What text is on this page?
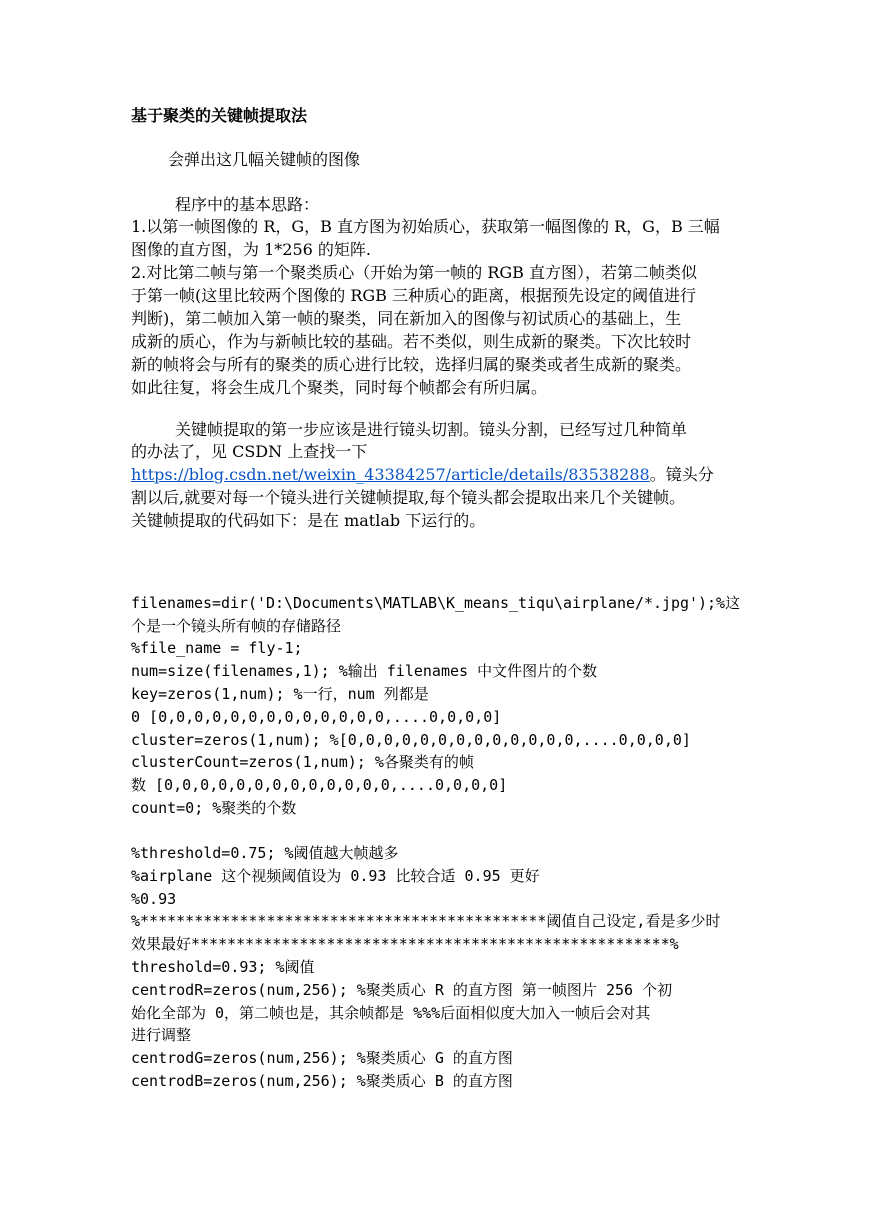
基于聚类的关键帧提取法
会弹出这几幅关键帧的图像
程序中的基本思路：
1.以第一帧图像的 R，G，B 直方图为初始质心，获取第一幅图像的 R，G，B 三幅
图像的直方图，为 1*256 的矩阵.
2.对比第二帧与第一个聚类质心（开始为第一帧的 RGB 直方图），若第二帧类似
于第一帧(这里比较两个图像的 RGB 三种质心的距离，根据预先设定的阈值进行
判断)，第二帧加入第一帧的聚类，同在新加入的图像与初试质心的基础上，生
成新的质心，作为与新帧比较的基础。若不类似，则生成新的聚类。下次比较时
新的帧将会与所有的聚类的质心进行比较，选择归属的聚类或者生成新的聚类。
如此往复，将会生成几个聚类，同时每个帧都会有所归属。
关键帧提取的第一步应该是进行镜头切割。镜头分割，已经写过几种简单
的办法了，见 CSDN 上查找一下
https://blog.csdn.net/weixin_43384257/article/details/83538288。镜头分
割以后,就要对每一个镜头进行关键帧提取,每个镜头都会提取出来几个关键帧。
关键帧提取的代码如下：是在 matlab 下运行的。
filenames=dir('D:\Documents\MATLAB\K_means_tiqu\airplane/*.jpg');%这
个是一个镜头所有帧的存储路径
%file_name = fly-1;
num=size(filenames,1); %输出 filenames 中文件图片的个数
key=zeros(1,num); %一行，num 列都是
0 [0,0,0,0,0,0,0,0,0,0,0,0,0,....0,0,0,0]
cluster=zeros(1,num); %[0,0,0,0,0,0,0,0,0,0,0,0,0,....0,0,0,0]
clusterCount=zeros(1,num); %各聚类有的帧
数 [0,0,0,0,0,0,0,0,0,0,0,0,0,....0,0,0,0]
count=0; %聚类的个数
%threshold=0.75; %阈值越大帧越多
%airplane 这个视频阈值设为 0.93 比较合适 0.95 更好
%0.93
%*********************************************阈值自己设定,看是多少时
效果最好*****************************************************%
threshold=0.93; %阈值
centrodR=zeros(num,256); %聚类质心 R 的直方图 第一帧图片 256 个初
始化全部为 0，第二帧也是，其余帧都是 %%%后面相似度大加入一帧后会对其
进行调整
centrodG=zeros(num,256); %聚类质心 G 的直方图
centrodB=zeros(num,256); %聚类质心 B 的直方图
